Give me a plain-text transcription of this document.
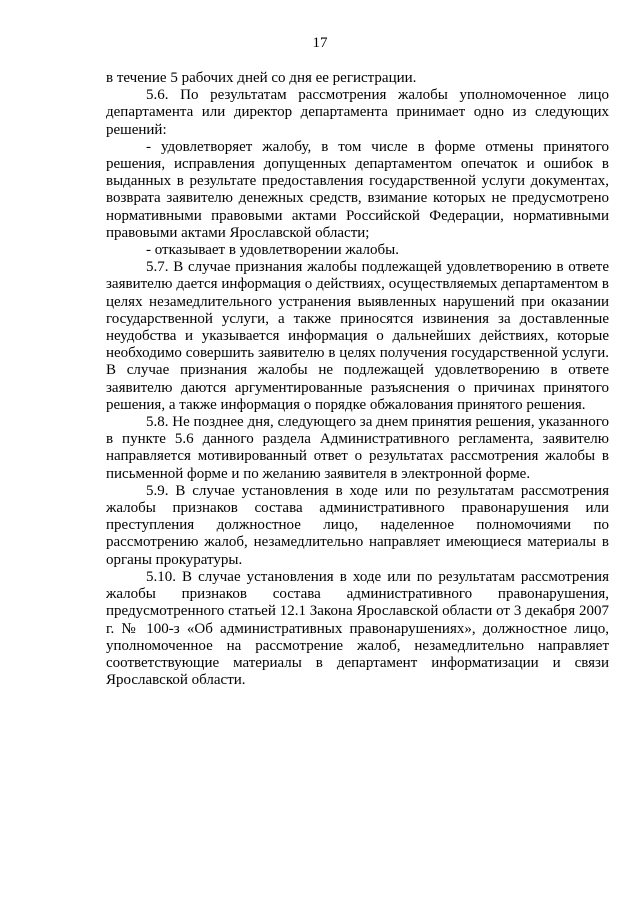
17

в течение 5 рабочих дней со дня ее регистрации.

5.6. По результатам рассмотрения жалобы уполномоченное лицо департамента или директор департамента принимает одно из следующих решений:

- удовлетворяет жалобу, в том числе в форме отмены принятого решения, исправления допущенных департаментом опечаток и ошибок в выданных в результате предоставления государственной услуги документах, возврата заявителю денежных средств, взимание которых не предусмотрено нормативными правовыми актами Российской Федерации, нормативными правовыми актами Ярославской области;

- отказывает в удовлетворении жалобы.

5.7. В случае признания жалобы подлежащей удовлетворению в ответе заявителю дается информация о действиях, осуществляемых департаментом в целях незамедлительного устранения выявленных нарушений при оказании государственной услуги, а также приносятся извинения за доставленные неудобства и указывается информация о дальнейших действиях, которые необходимо совершить заявителю в целях получения государственной услуги. В случае признания жалобы не подлежащей удовлетворению в ответе заявителю даются аргументированные разъяснения о причинах принятого решения, а также информация о порядке обжалования принятого решения.

5.8. Не позднее дня, следующего за днем принятия решения, указанного в пункте 5.6 данного раздела Административного регламента, заявителю направляется мотивированный ответ о результатах рассмотрения жалобы в письменной форме и по желанию заявителя в электронной форме.

5.9. В случае установления в ходе или по результатам рассмотрения жалобы признаков состава административного правонарушения или преступления должностное лицо, наделенное полномочиями по рассмотрению жалоб, незамедлительно направляет имеющиеся материалы в органы прокуратуры.

5.10. В случае установления в ходе или по результатам рассмотрения жалобы признаков состава административного правонарушения, предусмотренного статьей 12.1 Закона Ярославской области от 3 декабря 2007 г. № 100-з «Об административных правонарушениях», должностное лицо, уполномоченное на рассмотрение жалоб, незамедлительно направляет соответствующие материалы в департамент информатизации и связи Ярославской области.
